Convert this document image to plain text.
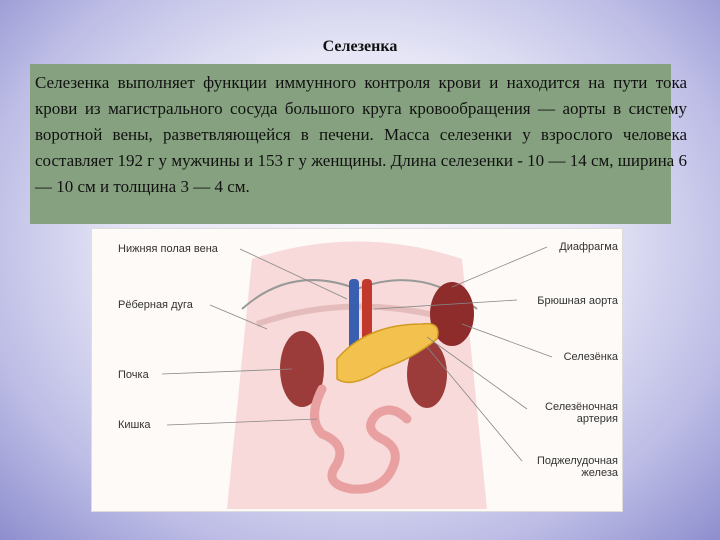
Селезенка
Селезенка выполняет функции иммунного контроля крови и находится на пути тока крови из магистрального сосуда большого круга кровообращения — аорты в систему воротной вены, разветвляющейся в печени. Масса селезенки у взрослого человека составляет 192 г у мужчины и 153 г у женщины. Длина селезенки - 10 — 14 см, ширина 6 — 10 см и толщина 3 — 4 см.
Нижняя полая вена
Рёберная дуга
Почка
Кишка
Диафрагма
Брюшная аорта
Селезёнка
Селезёночная артерия
Поджелудочная железа
